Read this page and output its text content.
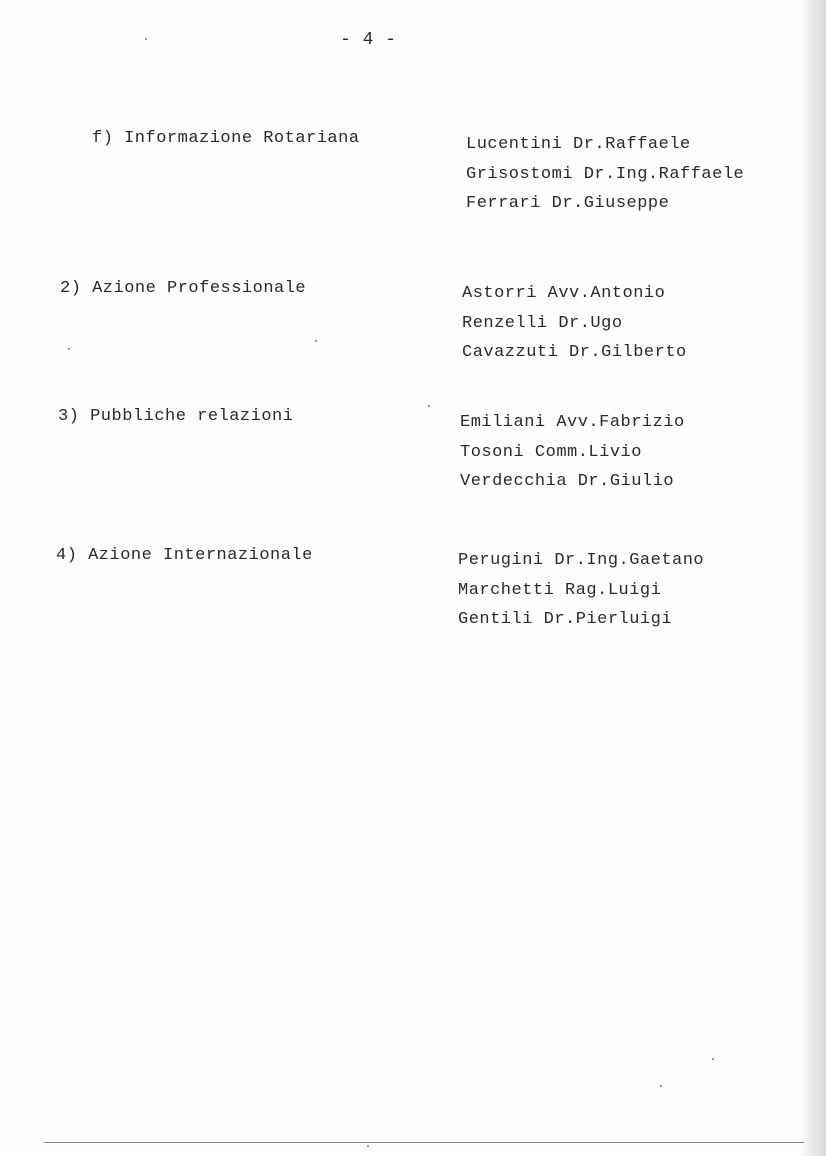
- 4 -
f) Informazione Rotariana	Lucentini Dr.Raffaele
Grisostomi Dr.Ing.Raffaele
Ferrari Dr.Giuseppe
2) Azione Professionale	Astorri Avv.Antonio
Renzelli Dr.Ugo
Cavazzuti Dr.Gilberto
3) Pubbliche relazioni	Emiliani Avv.Fabrizio
Tosoni Comm.Livio
Verdecchia Dr.Giulio
4) Azione Internazionale	Perugini Dr.Ing.Gaetano
Marchetti Rag.Luigi
Gentili Dr.Pierluigi
